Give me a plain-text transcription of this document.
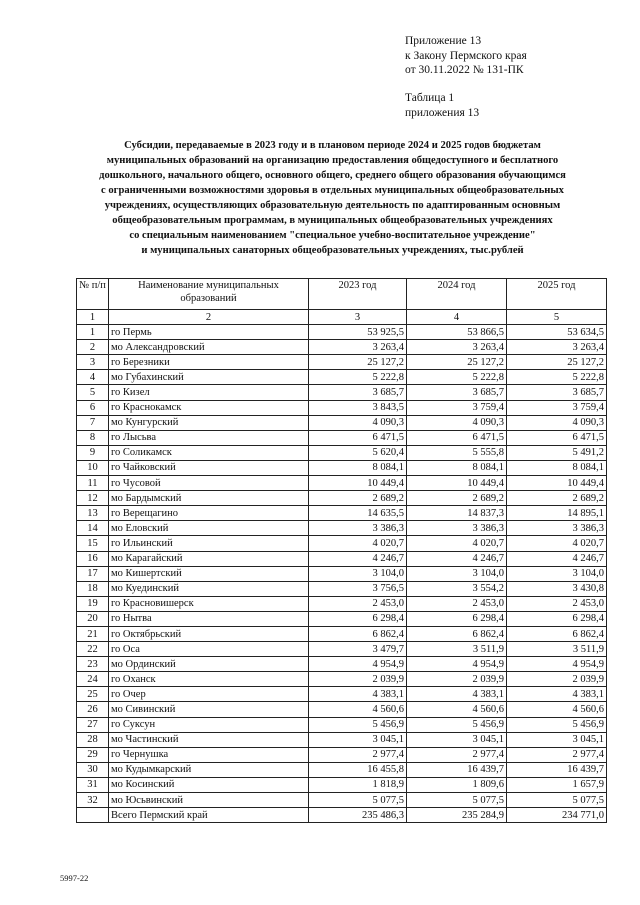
Приложение 13
к Закону Пермского края
от 30.11.2022 № 131-ПК
Таблица 1
приложения 13
Субсидии, передаваемые в 2023 году и в плановом периоде 2024 и 2025 годов бюджетам
муниципальных образований на организацию предоставления общедоступного и бесплатного
дошкольного, начального общего, основного общего, среднего общего образования обучающимся
с ограниченными возможностями здоровья в отдельных муниципальных общеобразовательных
учреждениях, осуществляющих образовательную деятельность по адаптированным основным
общеобразовательным программам, в муниципальных общеобразовательных учреждениях
со специальным наименованием "специальное учебно-воспитательное учреждение"
и муниципальных санаторных общеобразовательных учреждениях, тыс.рублей
№ п/п	Наименование муниципальных образований	2023 год	2024 год	2025 год
1	2	3	4	5
1	го Пермь	53 925,5	53 866,5	53 634,5
2	мо Александровский	3 263,4	3 263,4	3 263,4
3	го Березники	25 127,2	25 127,2	25 127,2
4	мо Губахинский	5 222,8	5 222,8	5 222,8
5	го Кизел	3 685,7	3 685,7	3 685,7
6	го Краснокамск	3 843,5	3 759,4	3 759,4
7	мо Кунгурский	4 090,3	4 090,3	4 090,3
8	го Лысьва	6 471,5	6 471,5	6 471,5
9	го Соликамск	5 620,4	5 555,8	5 491,2
10	го Чайковский	8 084,1	8 084,1	8 084,1
11	го Чусовой	10 449,4	10 449,4	10 449,4
12	мо Бардымский	2 689,2	2 689,2	2 689,2
13	го Верещагино	14 635,5	14 837,3	14 895,1
14	мо Еловский	3 386,3	3 386,3	3 386,3
15	го Ильинский	4 020,7	4 020,7	4 020,7
16	мо Карагайский	4 246,7	4 246,7	4 246,7
17	мо Кишертский	3 104,0	3 104,0	3 104,0
18	мо Куединский	3 756,5	3 554,2	3 430,8
19	го Красновишерск	2 453,0	2 453,0	2 453,0
20	го Нытва	6 298,4	6 298,4	6 298,4
21	го Октябрьский	6 862,4	6 862,4	6 862,4
22	го Оса	3 479,7	3 511,9	3 511,9
23	мо Ординский	4 954,9	4 954,9	4 954,9
24	го Оханск	2 039,9	2 039,9	2 039,9
25	го Очер	4 383,1	4 383,1	4 383,1
26	мо Сивинский	4 560,6	4 560,6	4 560,6
27	го Суксун	5 456,9	5 456,9	5 456,9
28	мо Частинский	3 045,1	3 045,1	3 045,1
29	го Чернушка	2 977,4	2 977,4	2 977,4
30	мо Кудымкарский	16 455,8	16 439,7	16 439,7
31	мо Косинский	1 818,9	1 809,6	1 657,9
32	мо Юсьвинский	5 077,5	5 077,5	5 077,5
	Всего Пермский край	235 486,3	235 284,9	234 771,0
5997-22
